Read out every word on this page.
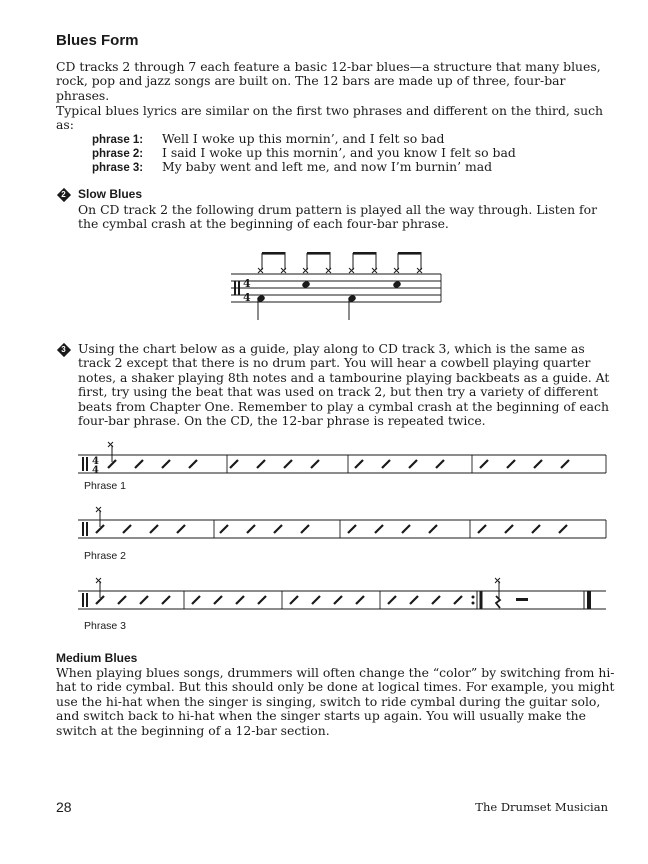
Blues Form
CD tracks 2 through 7 each feature a basic 12-bar blues—a structure that many blues, rock, pop and jazz songs are built on. The 12 bars are made up of three, four-bar phrases.
Typical blues lyrics are similar on the first two phrases and different on the third, such as:
phrase 1: Well I woke up this mornin’, and I felt so bad
phrase 2: I said I woke up this mornin’, and you know I felt so bad
phrase 3: My baby went and left me, and now I’m burnin’ mad
2 Slow Blues
On CD track 2 the following drum pattern is played all the way through. Listen for the cymbal crash at the beginning of each four-bar phrase.
4
4
3 Using the chart below as a guide, play along to CD track 3, which is the same as track 2 except that there is no drum part. You will hear a cowbell playing quarter notes, a shaker playing 8th notes and a tambourine playing backbeats as a guide. At first, try using the beat that was used on track 2, but then try a variety of different beats from Chapter One. Remember to play a cymbal crash at the beginning of each four-bar phrase. On the CD, the 12-bar phrase is repeated twice.
4
4
Phrase 1
Phrase 2
Phrase 3
Medium Blues
When playing blues songs, drummers will often change the “color” by switching from hi-hat to ride cymbal. But this should only be done at logical times. For example, you might use the hi-hat when the singer is singing, switch to ride cymbal during the guitar solo, and switch back to hi-hat when the singer starts up again. You will usually make the switch at the beginning of a 12-bar section.
28	The Drumset Musician
